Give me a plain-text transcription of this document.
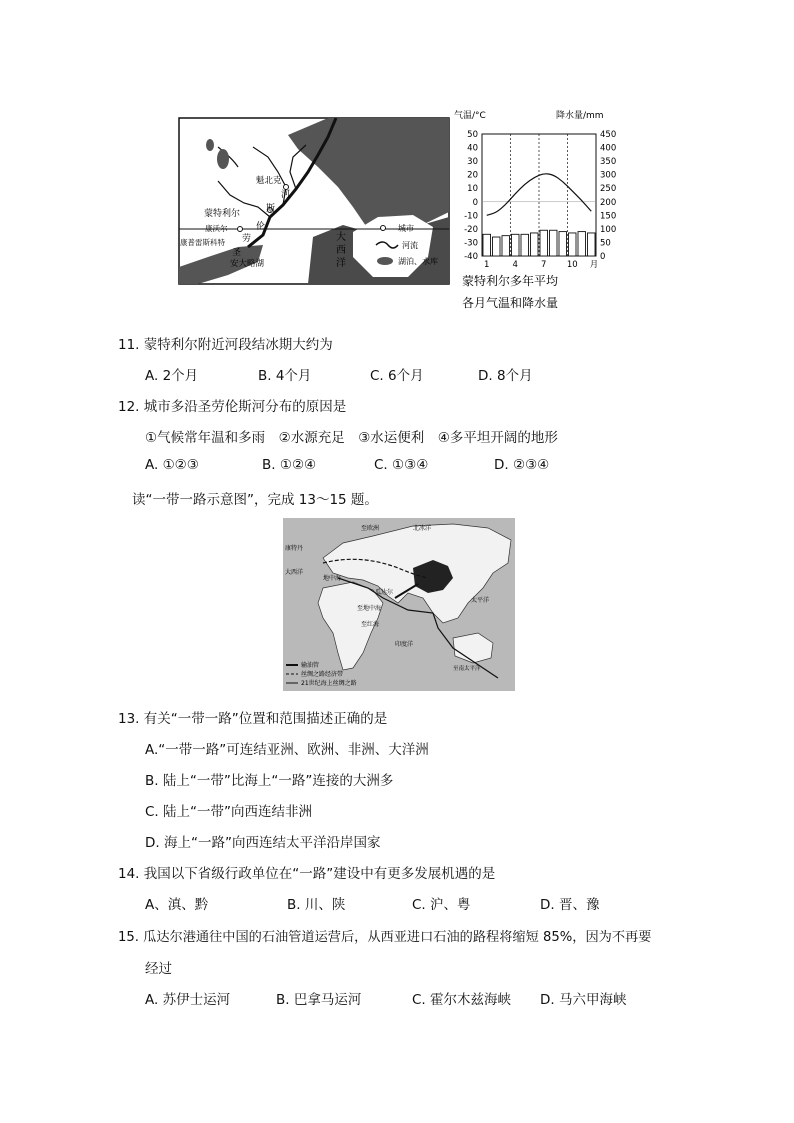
魁北克
河
斯
蒙特利尔
伦
康沃尔
康普雷斯科特 劳
圣
安大略湖
45°N
大
西
洋
城市
河流
湖泊、水库
气温/°C	降水量/mm
50
40
30
20
10
0
-10
-20
-30
-40
450
400
350
300
250
200
150
100
50
0
1	4	7 10 月
蒙特利尔多年平均
各月气温和降水量
11. 蒙特利尔附近河段结冰期大约为
A. 2个月	B. 4个月	C. 6个月	D. 8个月
12. 城市多沿圣劳伦斯河分布的原因是
①气候常年温和多雨　②水源充足　③水运便利　④多平坦开阔的地形
A. ①②③	B. ①②④	C. ①③④	D. ②③④
读“一带一路示意图”，完成 13～15 题。
至欧洲	北冰洋
康特丹
大西洋
地中海
瓜达尔
至地中海
至红海
印度洋
太平洋
至南太平洋
输油管
丝绸之路经济带
21世纪海上丝绸之路
13. 有关“一带一路”位置和范围描述正确的是
A.“一带一路”可连结亚洲、欧洲、非洲、大洋洲
B. 陆上“一带”比海上“一路”连接的大洲多
C. 陆上“一带”向西连结非洲
D. 海上“一路”向西连结太平洋沿岸国家
14. 我国以下省级行政单位在“一路”建设中有更多发展机遇的是
A、滇、黔	B. 川、陕	C. 沪、粤	D. 晋、豫
15. 瓜达尔港通往中国的石油管道运营后，从西亚进口石油的路程将缩短 85%，因为不再要
经过
A. 苏伊士运河	B. 巴拿马运河	C. 霍尔木兹海峡 D. 马六甲海峡
